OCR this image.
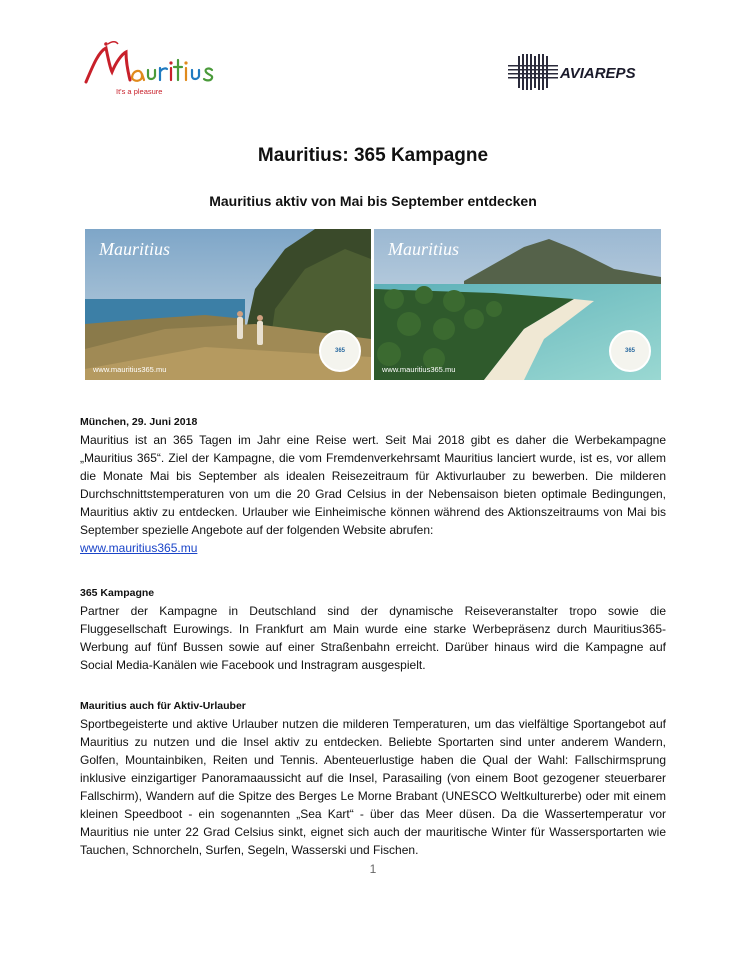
It's a pleasure
AVIAREPS
Mauritius: 365 Kampagne
Mauritius aktiv von Mai bis September entdecken
Mauritius
www.mauritius365.mu
365
Mauritius
www.mauritius365.mu
365

München, 29. Juni 2018

Mauritius ist an 365 Tagen im Jahr eine Reise wert. Seit Mai 2018 gibt es daher die Werbekampagne „Mauritius 365“. Ziel der Kampagne, die vom Fremdenverkehrsamt Mauritius lanciert wurde, ist es, vor allem die Monate Mai bis September als idealen Reisezeitraum für Aktivurlauber zu bewerben. Die milderen Durchschnittstemperaturen von um die 20 Grad Celsius in der Nebensaison bieten optimale Bedingungen, Mauritius aktiv zu entdecken. Urlauber wie Einheimische können während des Aktionszeitraums von Mai bis September spezielle Angebote auf der folgenden Website abrufen:

www.mauritius365.mu

365 Kampagne

Partner der Kampagne in Deutschland sind der dynamische Reiseveranstalter tropo sowie die Fluggesellschaft Eurowings. In Frankfurt am Main wurde eine starke Werbepräsenz durch Mauritius365-Werbung auf fünf Bussen sowie auf einer Straßenbahn erreicht. Darüber hinaus wird die Kampagne auf Social Media-Kanälen wie Facebook und Instragram ausgespielt.

Mauritius auch für Aktiv-Urlauber

Sportbegeisterte und aktive Urlauber nutzen die milderen Temperaturen, um das vielfältige Sportangebot auf Mauritius zu nutzen und die Insel aktiv zu entdecken. Beliebte Sportarten sind unter anderem Wandern, Golfen, Mountainbiken, Reiten und Tennis. Abenteuerlustige haben die Qual der Wahl: Fallschirmsprung inklusive einzigartiger Panoramaaussicht auf die Insel, Parasailing (von einem Boot gezogener steuerbarer Fallschirm), Wandern auf die Spitze des Berges Le Morne Brabant (UNESCO Weltkulturerbe) oder mit einem kleinen Speedboot - ein sogenannten „Sea Kart“ - über das Meer düsen. Da die Wassertemperatur vor Mauritius nie unter 22 Grad Celsius sinkt, eignet sich auch der mauritische Winter für Wassersportarten wie Tauchen, Schnorcheln, Surfen, Segeln, Wasserski und Fischen.

1
